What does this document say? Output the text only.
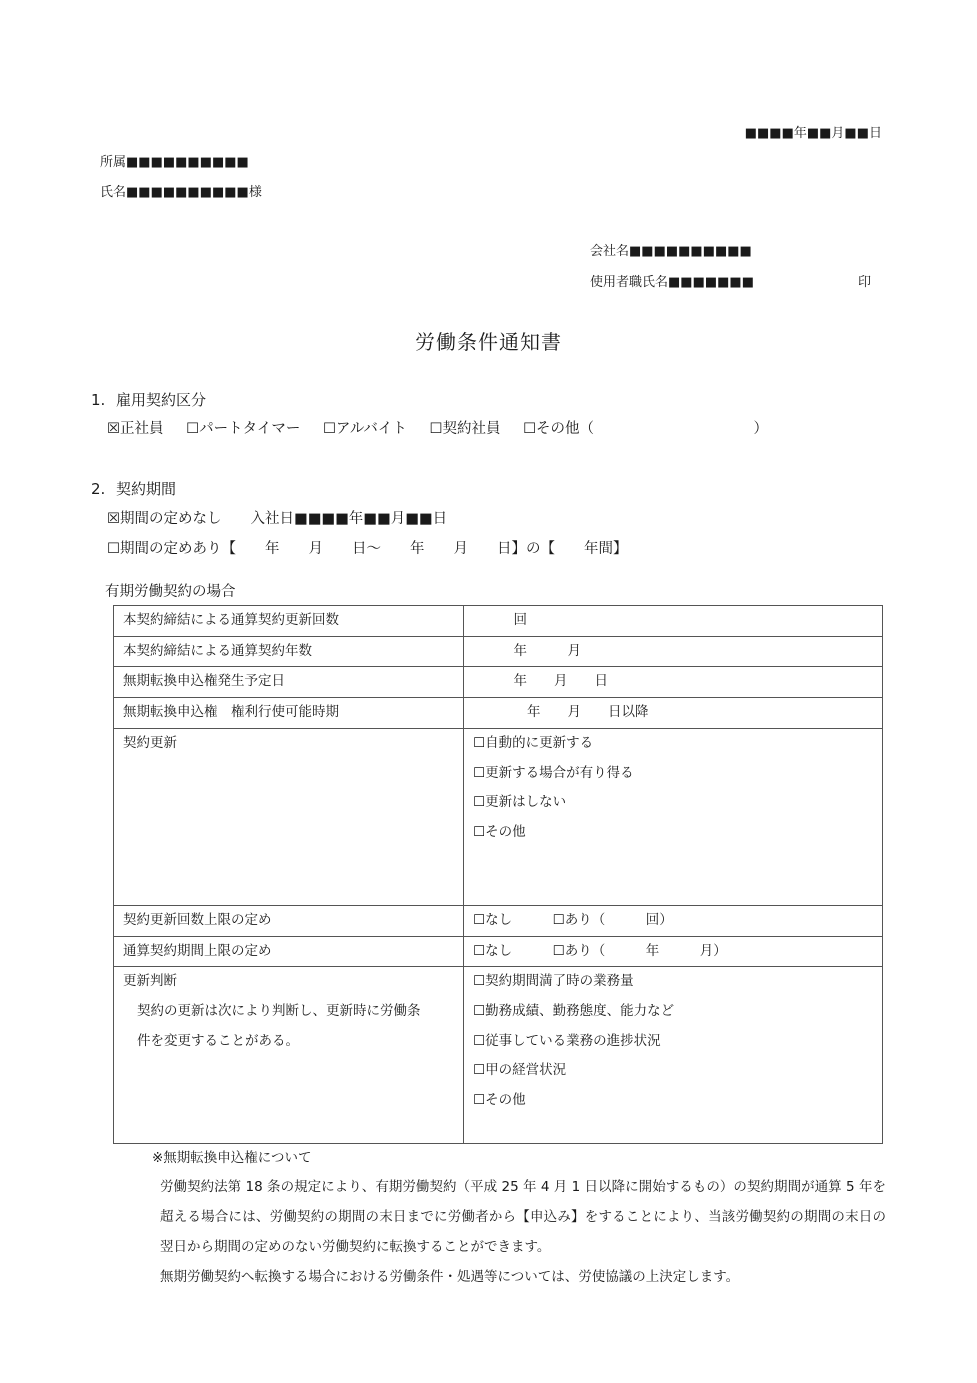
■■■■年■■月■■日
所属■■■■■■■■■■
氏名■■■■■■■■■■様
会社名■■■■■■■■■■
使用者職氏名■■■■■■■	印
労働条件通知書
1. 雇用契約区分
☒正社員 ☐パートタイマー ☐アルバイト ☐契約社員 ☐その他（　　　　　　　　　　　）
2. 契約期間
☒期間の定めなし　　入社日■■■■年■■月■■日
☐期間の定めあり【　　年　　月　　日～　　年　　月　　日】の【　　年間】
有期労働契約の場合
本契約締結による通算契約更新回数	　　　回
本契約締結による通算契約年数	　　　年　　　月
無期転換申込権発生予定日	　　　年　　月　　日
無期転換申込権　権利行使可能時期	　　　　年　　月　　日以降
契約更新	☐自動的に更新する
☐更新する場合が有り得る
☐更新はしない
☐その他

契約更新回数上限の定め	☐なし　　　☐あり（　　　回）
通算契約期間上限の定め	☐なし　　　☐あり（　　　年　　　月）

更新判断
契約の更新は次により判断し、更新時に労働条
件を変更することがある。	☐契約期間満了時の業務量
☐勤務成績、勤務態度、能力など
☐従事している業務の進捗状況
☐甲の経営状況
☐その他
※無期転換申込権について
労働契約法第 18 条の規定により、有期労働契約（平成 25 年 4 月 1 日以降に開始するもの）の契約期間が通算 5 年を超える場合には、労働契約の期間の末日までに労働者から【申込み】をすることにより、当該労働契約の期間の末日の翌日から期間の定めのない労働契約に転換することができます。
無期労働契約へ転換する場合における労働条件・処遇等については、労使協議の上決定します。
